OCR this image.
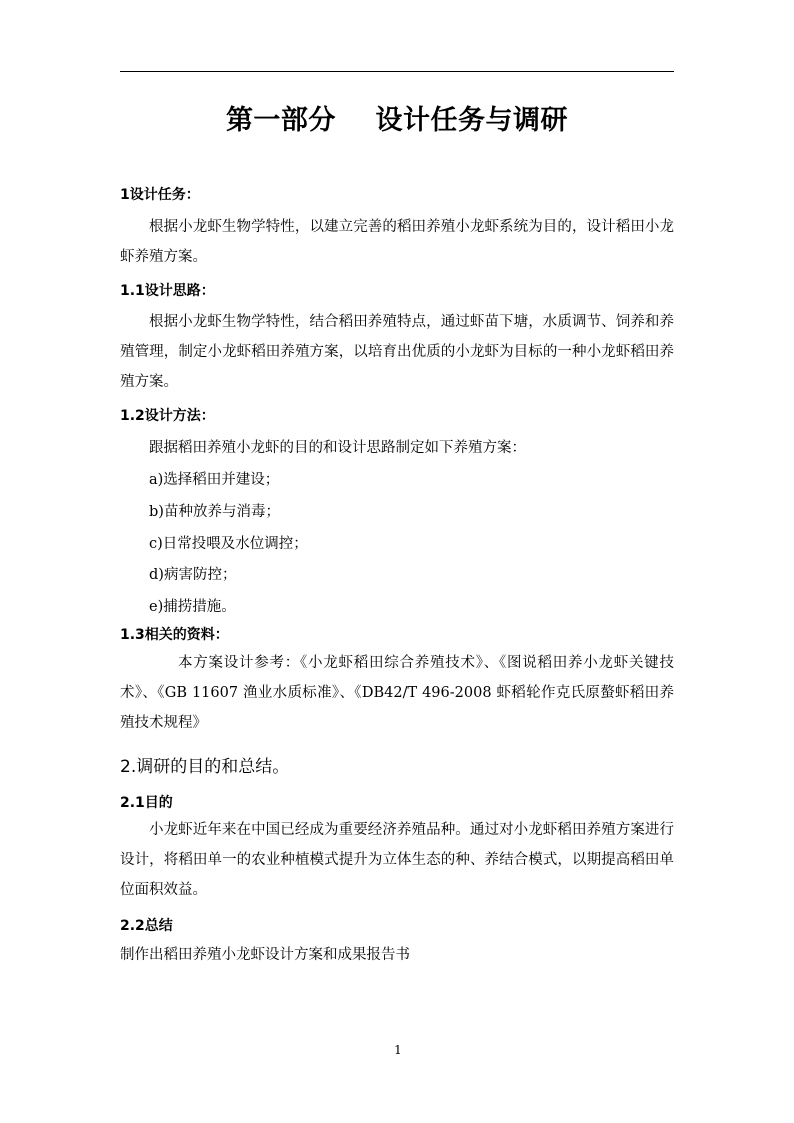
第一部分    设计任务与调研
1设计任务：
根据小龙虾生物学特性，以建立完善的稻田养殖小龙虾系统为目的，设计稻田小龙虾养殖方案。
1.1设计思路：
根据小龙虾生物学特性，结合稻田养殖特点，通过虾苗下塘，水质调节、饲养和养殖管理，制定小龙虾稻田养殖方案，以培育出优质的小龙虾为目标的一种小龙虾稻田养殖方案。
1.2设计方法：
跟据稻田养殖小龙虾的目的和设计思路制定如下养殖方案：
a)选择稻田并建设；
b)苗种放养与消毒；
c)日常投喂及水位调控；
d)病害防控；
e)捕捞措施。
1.3相关的资料：
本方案设计参考：《小龙虾稻田综合养殖技术》、《图说稻田养小龙虾关键技术》、《GB 11607 渔业水质标准》、《DB42/T 496-2008 虾稻轮作克氏原螯虾稻田养殖技术规程》
2.调研的目的和总结。
2.1目的
小龙虾近年来在中国已经成为重要经济养殖品种。通过对小龙虾稻田养殖方案进行设计，将稻田单一的农业种植模式提升为立体生态的种、养结合模式，以期提高稻田单位面积效益。
2.2总结
制作出稻田养殖小龙虾设计方案和成果报告书
1
